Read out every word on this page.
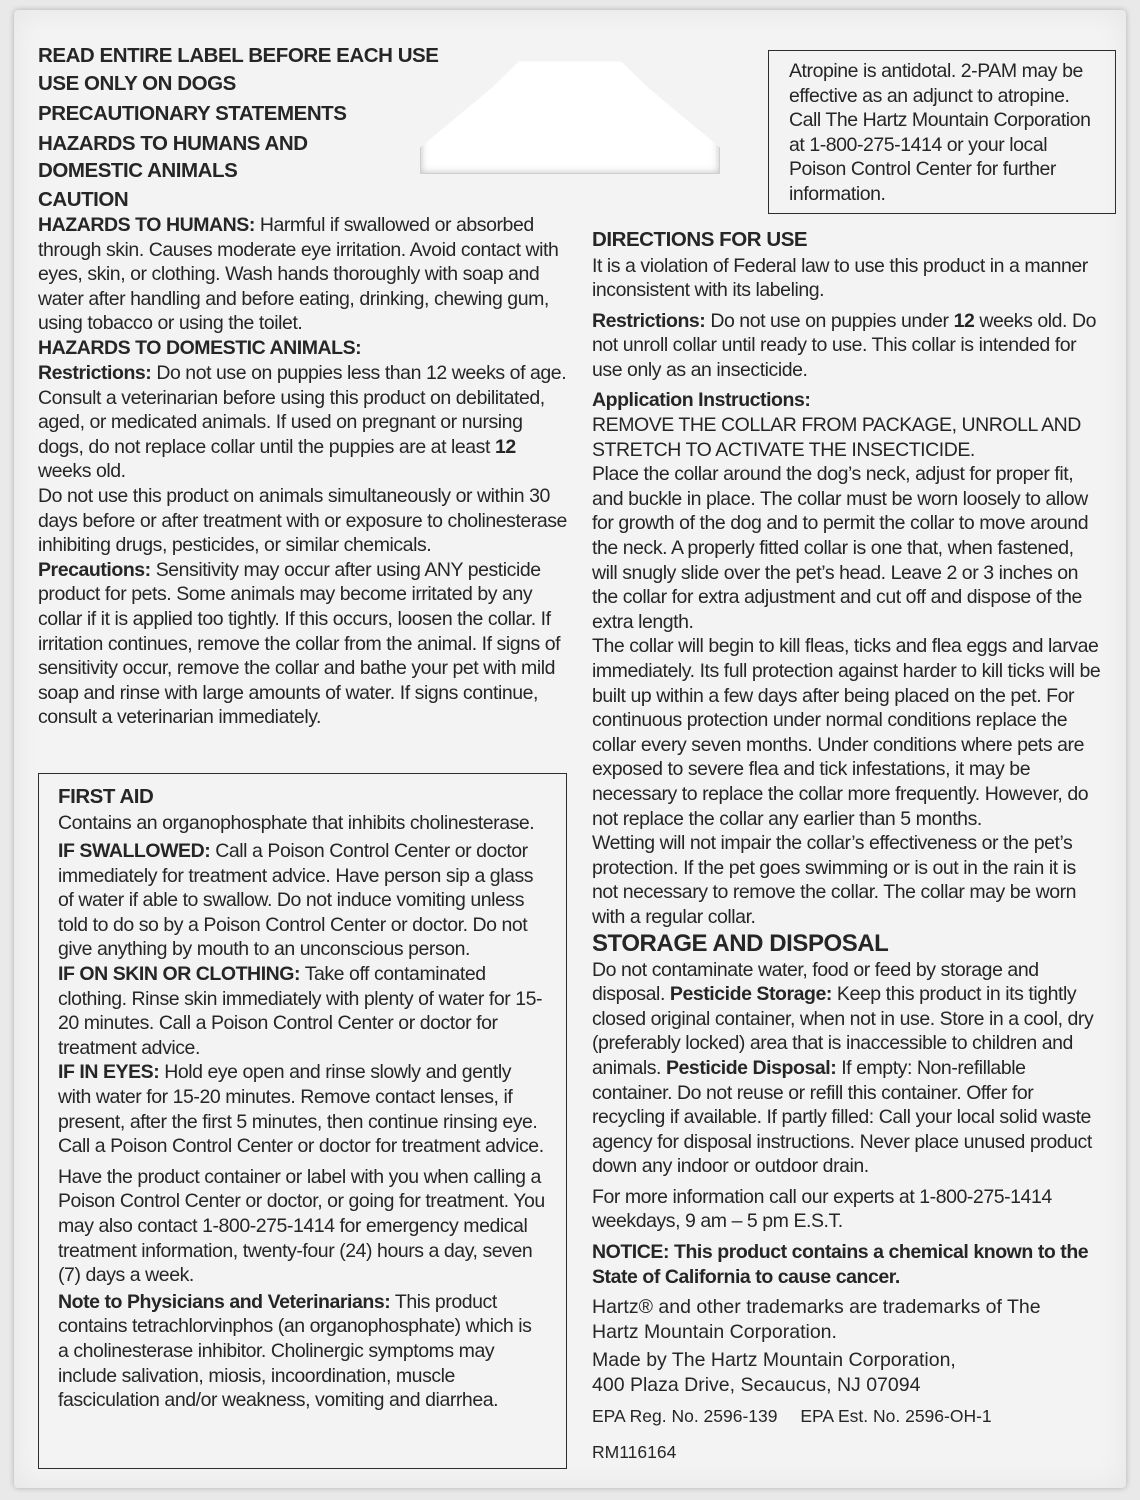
READ ENTIRE LABEL BEFORE EACH USE

USE ONLY ON DOGS

PRECAUTIONARY STATEMENTS

HAZARDS TO HUMANS AND

DOMESTIC ANIMALS

CAUTION

HAZARDS TO HUMANS: Harmful if swallowed or absorbed through skin. Causes moderate eye irritation. Avoid contact with eyes, skin, or clothing. Wash hands thoroughly with soap and water after handling and before eating, drinking, chewing gum, using tobacco or using the toilet.

HAZARDS TO DOMESTIC ANIMALS:

Restrictions: Do not use on puppies less than 12 weeks of age. Consult a veterinarian before using this product on debilitated, aged, or medicated animals. If used on pregnant or nursing dogs, do not replace collar until the puppies are at least 12 weeks old.

Do not use this product on animals simultaneously or within 30 days before or after treatment with or exposure to cholinesterase inhibiting drugs, pesticides, or similar chemicals.

Precautions: Sensitivity may occur after using ANY pesticide product for pets. Some animals may become irritated by any collar if it is applied too tightly. If this occurs, loosen the collar. If irritation continues, remove the collar from the animal. If signs of sensitivity occur, remove the collar and bathe your pet with mild soap and rinse with large amounts of water. If signs continue, consult a veterinarian immediately.

FIRST AID

Contains an organophosphate that inhibits cholinesterase.

IF SWALLOWED: Call a Poison Control Center or doctor immediately for treatment advice. Have person sip a glass of water if able to swallow. Do not induce vomiting unless told to do so by a Poison Control Center or doctor. Do not give anything by mouth to an unconscious person.

IF ON SKIN OR CLOTHING: Take off contaminated clothing. Rinse skin immediately with plenty of water for 15-20 minutes. Call a Poison Control Center or doctor for treatment advice.

IF IN EYES: Hold eye open and rinse slowly and gently with water for 15-20 minutes. Remove contact lenses, if present, after the first 5 minutes, then continue rinsing eye. Call a Poison Control Center or doctor for treatment advice.

Have the product container or label with you when calling a Poison Control Center or doctor, or going for treatment. You may also contact 1-800-275-1414 for emergency medical treatment information, twenty-four (24) hours a day, seven (7) days a week.

Note to Physicians and Veterinarians: This product contains tetrachlorvinphos (an organophosphate) which is a cholinesterase inhibitor. Cholinergic symptoms may include salivation, miosis, incoordination, muscle fasciculation and/or weakness, vomiting and diarrhea.

Atropine is antidotal. 2-PAM may be effective as an adjunct to atropine. Call The Hartz Mountain Corporation at 1-800-275-1414 or your local Poison Control Center for further information.

DIRECTIONS FOR USE

It is a violation of Federal law to use this product in a manner inconsistent with its labeling.

Restrictions: Do not use on puppies under 12 weeks old. Do not unroll collar until ready to use. This collar is intended for use only as an insecticide.

Application Instructions:

REMOVE THE COLLAR FROM PACKAGE, UNROLL AND STRETCH TO ACTIVATE THE INSECTICIDE.

Place the collar around the dog’s neck, adjust for proper fit, and buckle in place. The collar must be worn loosely to allow for growth of the dog and to permit the collar to move around the neck. A properly fitted collar is one that, when fastened, will snugly slide over the pet’s head. Leave 2 or 3 inches on the collar for extra adjustment and cut off and dispose of the extra length.

The collar will begin to kill fleas, ticks and flea eggs and larvae immediately. Its full protection against harder to kill ticks will be built up within a few days after being placed on the pet. For continuous protection under normal conditions replace the collar every seven months. Under conditions where pets are exposed to severe flea and tick infestations, it may be necessary to replace the collar more frequently. However, do not replace the collar any earlier than 5 months.

Wetting will not impair the collar’s effectiveness or the pet’s protection. If the pet goes swimming or is out in the rain it is not necessary to remove the collar. The collar may be worn with a regular collar.

STORAGE AND DISPOSAL

Do not contaminate water, food or feed by storage and disposal. Pesticide Storage: Keep this product in its tightly closed original container, when not in use. Store in a cool, dry (preferably locked) area that is inaccessible to children and animals. Pesticide Disposal: If empty: Non-refillable container. Do not reuse or refill this container. Offer for recycling if available. If partly filled: Call your local solid waste agency for disposal instructions. Never place unused product down any indoor or outdoor drain.

For more information call our experts at 1-800-275-1414 weekdays, 9 am – 5 pm E.S.T.

NOTICE: This product contains a chemical known to the State of California to cause cancer.

Hartz® and other trademarks are trademarks of The Hartz Mountain Corporation.

Made by The Hartz Mountain Corporation, 400 Plaza Drive, Secaucus, NJ 07094

EPA Reg. No. 2596-139 EPA Est. No. 2596-OH-1

RM116164
